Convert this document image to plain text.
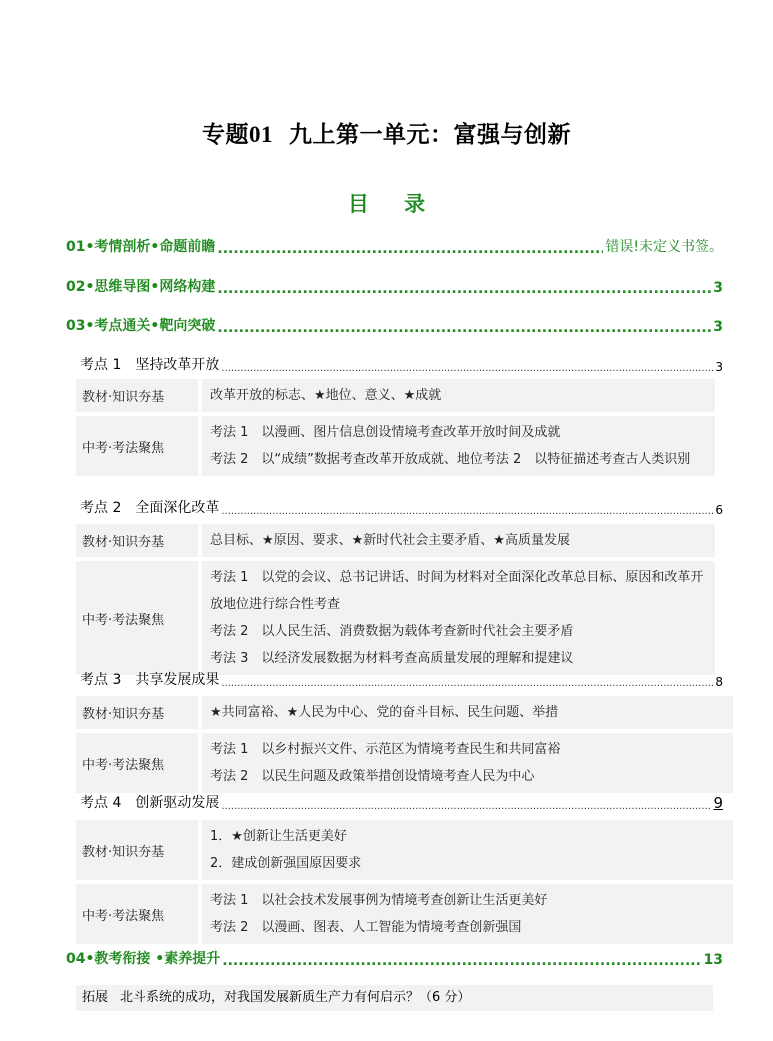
专题01 九上第一单元：富强与创新
目 录
01•考情剖析•命题前瞻 .....	错误!未定义书签。
02•思维导图•网络构建 .....	3
03•考点通关•靶向突破 .....	3
考点 1　坚持改革开放 .....	3
教材·知识夯基	改革开放的标志、★地位、意义、★成就

中考·考法聚焦	考法 1　以漫画、图片信息创设情境考查改革开放时间及成就
考法 2　以“成绩”数据考查改革开放成就、地位考法 2　以特征描述考查古人类识别
考点 2　全面深化改革 .....	6
教材·知识夯基	总目标、★原因、要求、★新时代社会主要矛盾、★高质量发展

中考·考法聚焦	考法 1　以党的会议、总书记讲话、时间为材料对全面深化改革总目标、原因和改革开放地位进行综合性考查
考法 2　以人民生活、消费数据为载体考查新时代社会主要矛盾
考法 3　以经济发展数据为材料考查高质量发展的理解和提建议
考点 3　共享发展成果 .....	8
教材·知识夯基	★共同富裕、★人民为中心、党的奋斗目标、民生问题、举措

中考·考法聚焦	考法 1　以乡村振兴文件、示范区为情境考查民生和共同富裕
考法 2　以民生问题及政策举措创设情境考查人民为中心
考点 4　创新驱动发展 .....	9
教材·知识夯基	1．★创新让生活更美好
2．建成创新强国原因要求

中考·考法聚焦	考法 1　以社会技术发展事例为情境考查创新让生活更美好
考法 2　以漫画、图表、人工智能为情境考查创新强国
04•教考衔接 •素养提升 .....	13
拓展 北斗系统的成功，对我国发展新质生产力有何启示？（6 分）
